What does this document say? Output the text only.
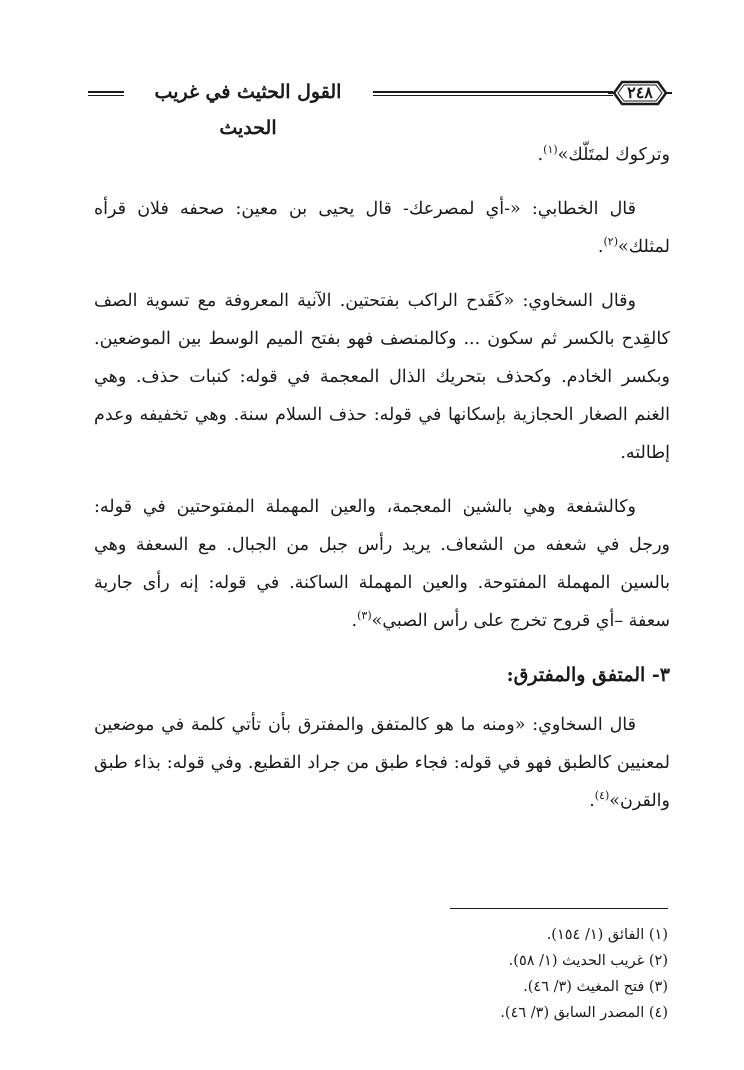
القول الحثيث في غريب الحديث
٢٤٨

وتركوك لمتَلّك»$^{(١)}$.

قال الخطابي: «-أي لمصرعك- قال يحيى بن معين: صحفه فلان قرأه لمثلك»$^{(٢)}$.

وقال السخاوي: «كَقَدح الراكب بفتحتين. الآنية المعروفة مع تسوية الصف كالقِدح بالكسر ثم سكون ... وكالمنصف فهو بفتح الميم الوسط بين الموضعين. وبكسر الخادم. وكحذف بتحريك الذال المعجمة في قوله: كنبات حذف. وهي الغنم الصغار الحجازية بإسكانها في قوله: حذف السلام سنة. وهي تخفيفه وعدم إطالته.

وكالشفعة وهي بالشين المعجمة، والعين المهملة المفتوحتين في قوله: ورجل في شعفه من الشعاف. يريد رأس جبل من الجبال. مع السعفة وهي بالسين المهملة المفتوحة. والعين المهملة الساكنة. في قوله: إنه رأى جارية سعفة –أي قروح تخرج على رأس الصبي»$^{(٣)}$.

٣- المتفق والمفترق:

قال السخاوي: «ومنه ما هو كالمتفق والمفترق بأن تأتي كلمة في موضعين لمعنيين كالطبق فهو في قوله: فجاء طبق من جراد القطيع. وفي قوله: بذاء طبق والقرن»$^{(٤)}$.

(١) الفائق (١/ ١٥٤).
(٢) غريب الحديث (١/ ٥٨).
(٣) فتح المغيث (٣/ ٤٦).
(٤) المصدر السابق (٣/ ٤٦).
